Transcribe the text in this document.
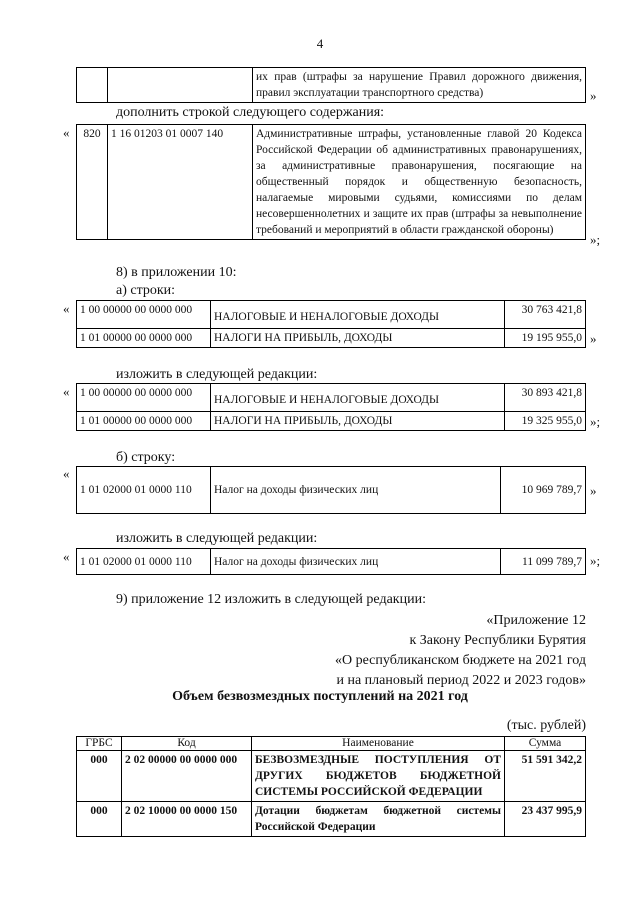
4
		их прав (штрафы за нарушение Правил дорожного движения, правил эксплуатации транспортного средства)	»
дополнить строкой следующего содержания:
« 820	1 16 01203 01 0007 140	Административные штрафы, установленные главой 20 Кодекса Российской Федерации об административных правонарушениях, за административные правонарушения, посягающие на общественный порядок и общественную безопасность, налагаемые мировыми судьями, комиссиями по делам несовершеннолетних и защите их прав (штрафы за невыполнение требований и мероприятий в области гражданской обороны)
»;
8) в приложении 10:
а) строки:
« 1 00 00000 00 0000 000	НАЛОГОВЫЕ И НЕНАЛОГОВЫЕ ДОХОДЫ	30 763 421,8
1 01 00000 00 0000 000	НАЛОГИ НА ПРИБЫЛЬ, ДОХОДЫ	19 195 955,0 »
изложить в следующей редакции:
« 1 00 00000 00 0000 000	НАЛОГОВЫЕ И НЕНАЛОГОВЫЕ ДОХОДЫ	30 893 421,8
1 01 00000 00 0000 000	НАЛОГИ НА ПРИБЫЛЬ, ДОХОДЫ	19 325 955,0 »;
б) строку:
«
1 01 02000 01 0000 110	Налог на доходы физических лиц	10 969 789,7 »
изложить в следующей редакции:
« 1 01 02000 01 0000 110	Налог на доходы физических лиц	11 099 789,7 »;
9) приложение 12 изложить в следующей редакции:
«Приложение 12
к Закону Республики Бурятия
«О республиканском бюджете на 2021 год
и на плановый период 2022 и 2023 годов»
Объем безвозмездных поступлений на 2021 год
(тыс. рублей)
ГРБС	Код	Наименование	Сумма
000	2 02 00000 00 0000 000	БЕЗВОЗМЕЗДНЫЕ ПОСТУПЛЕНИЯ ОТ ДРУГИХ БЮДЖЕТОВ БЮДЖЕТНОЙ СИСТЕМЫ РОССИЙСКОЙ ФЕДЕРАЦИИ	51 591 342,2
000	2 02 10000 00 0000 150	Дотации бюджетам бюджетной системы Российской Федерации	23 437 995,9
